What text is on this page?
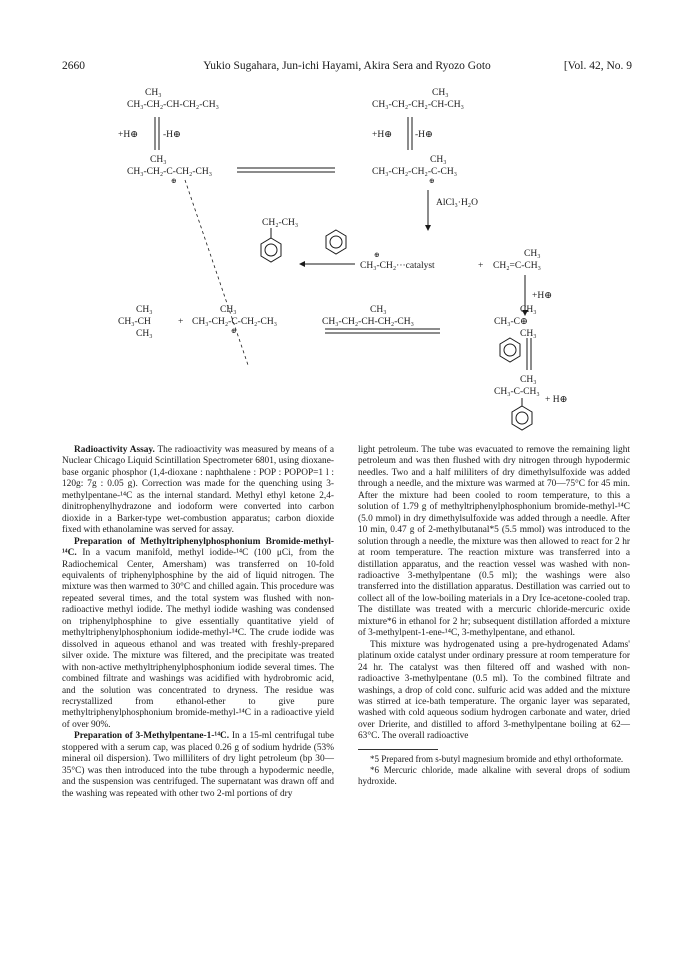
2660	Yukio Sugahara, Jun-ichi Hayami, Akira Sera and Ryozo Goto	[Vol. 42, No. 9
CH₃
CH₃-CH₂-CH-CH₂-CH₃
CH₃
CH₃-CH₂-CH₂-CH-CH₃
+H⊕	-H⊕	+H⊕ -H⊕
CH₃
CH₃-CH₂-C-CH₂-CH₃
⊕
CH₃
CH₃-CH₂-CH₂-C-CH₃
⊕
AlCl₃·H₂O
CH₂-CH₃
CH₃-CH₂···catalyst
⊕
+
CH₃
CH₂=C-CH₃
+H⊕
CH₃
CH₃-CH
CH₃
+
CH₃
CH₃-CH₂-C-CH₂-CH₃
⊕
CH₃
CH₃-CH₂-CH-CH₂-CH₃
CH₃
CH₃-C⊕
CH₃
CH₃
CH₃-C-CH₃
+ H⊕

Radioactivity Assay. The radioactivity was measured by means of a Nuclear Chicago Liquid Scintillation Spectrometer 6801, using dioxane-base organic phosphor (1,4-dioxane : naphthalene : POP : POPOP=1 l : 120g: 7g : 0.05 g). Correction was made for the quenching using 3-methylpentane-¹⁴C as the internal standard. Methyl ethyl ketone 2,4-dinitrophenylhydrazone and iodoform were converted into carbon dioxide in a Barker-type wet-combustion apparatus; carbon dioxide fixed with ethanolamine was served for assay.

Preparation of Methyltriphenylphosphonium Bromide-methyl-¹⁴C. In a vacum manifold, methyl iodide-¹⁴C (100 μCi, from the Radiochemical Center, Amersham) was transferred on 10-fold equivalents of triphenylphosphine by the aid of liquid nitrogen. The mixture was then warmed to 30°C and chilled again. This procedure was repeated several times, and the total system was flushed with non-radioactive methyl iodide. The methyl iodide washing was condensed on triphenylphosphine to give essentially quantitative yield of methyltriphenylphosphonium iodide-methyl-¹⁴C. The crude iodide was dissolved in aqueous ethanol and was treated with freshly-prepared silver oxide. The mixture was filtered, and the precipitate was treated with non-active methyltriphenylphosphonium iodide several times. The combined filtrate and washings was acidified with hydrobromic acid, and the solution was concentrated to dryness. The residue was recrystallized from ethanol-ether to give pure methyltriphenylphosphonium bromide-methyl-¹⁴C in a radioactive yield of over 90%.

Preparation of 3-Methylpentane-1-¹⁴C. In a 15-ml centrifugal tube stoppered with a serum cap, was placed 0.26 g of sodium hydride (53% mineral oil dispersion). Two milliliters of dry light petroleum (bp 30—35°C) was then introduced into the tube through a hypodermic needle, and the suspension was centrifuged. The supernatant was drawn off and the washing was repeated with other two 2-ml portions of dry

light petroleum. The tube was evacuated to remove the remaining light petroleum and was then flushed with dry nitrogen through hypodermic needles. Two and a half mililiters of dry dimethylsulfoxide was added through a needle, and the mixture was warmed at 70—75°C for 45 min. After the mixture had been cooled to room temperature, to this a solution of 1.79 g of methyltriphenylphosphonium bromide-methyl-¹⁴C (5.0 mmol) in dry dimethylsulfoxide was added through a needle. After 10 min, 0.47 g of 2-methylbutanal*5 (5.5 mmol) was introduced to the solution through a needle, the mixture was then allowed to react for 2 hr at room temperature. The reaction mixture was transferred into a distillation apparatus, and the reaction vessel was washed with non-radioactive 3-methylpentane (0.5 ml); the washings were also transferred into the distillation apparatus. Destillation was carried out to collect all of the low-boiling materials in a Dry Ice-acetone-cooled trap. The distillate was treated with a mercuric chloride-mercuric oxide mixture*6 in ethanol for 2 hr; subsequent distillation afforded a mixture of 3-methylpent-1-ene-¹⁴C, 3-methylpentane, and ethanol.

This mixture was hydrogenated using a pre-hydrogenated Adams' platinum oxide catalyst under ordinary pressure at room temperature for 24 hr. The catalyst was then filtered off and washed with non-radioactive 3-methylpentane (0.5 ml). To the combined filtrate and washings, a drop of cold conc. sulfuric acid was added and the mixture was stirred at ice-bath temperature. The organic layer was separated, washed with cold aqueous sodium hydrogen carbonate and water, dried over Drierite, and distilled to afford 3-methylpentane boiling at 62—63°C. The overall radioactive

*5 Prepared from s-butyl magnesium bromide and ethyl orthoformate.

*6 Mercuric chloride, made alkaline with several drops of sodium hydroxide.
